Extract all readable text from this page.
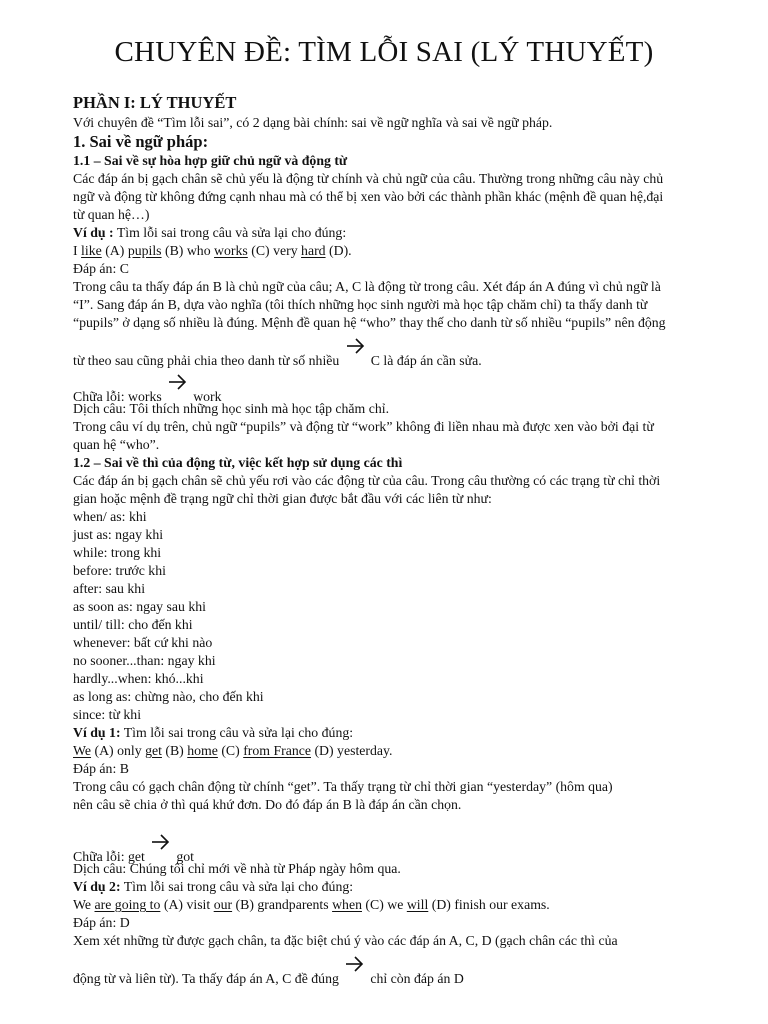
CHUYÊN ĐỀ: TÌM LỖI SAI (LÝ THUYẾT)
PHẦN I: LÝ THUYẾT
Với chuyên đề “Tìm lỗi sai”, có 2 dạng bài chính: sai về ngữ nghĩa và sai về ngữ pháp.
1. Sai về ngữ pháp:
1.1 – Sai về sự hòa hợp giữ chủ ngữ và động từ
Các đáp án bị gạch chân sẽ chủ yếu là động từ chính và chủ ngữ của câu. Thường trong những câu này chủ
ngữ và động từ không đứng cạnh nhau mà có thể bị xen vào bởi các thành phần khác (mệnh đề quan hệ,đại
từ quan hệ…)
Ví dụ : Tìm lỗi sai trong câu và sửa lại cho đúng:
I like (A) pupils (B) who works (C) very hard (D).
Đáp án: C
Trong câu ta thấy đáp án B là chủ ngữ của câu; A, C là động từ trong câu. Xét đáp án A đúng vì chủ ngữ là
“I”. Sang đáp án B, dựa vào nghĩa (tôi thích những học sinh người mà học tập chăm chỉ) ta thấy danh từ
“pupils” ở dạng số nhiều là đúng. Mệnh đề quan hệ “who” thay thế cho danh từ số nhiều “pupils” nên động
từ theo sau cũng phải chia theo danh từ số nhiều C là đáp án cần sửa.
Chữa lỗi: works work
Dịch câu: Tôi thích những học sinh mà học tập chăm chỉ.
Trong câu ví dụ trên, chủ ngữ “pupils” và động từ “work” không đi liền nhau mà được xen vào bởi đại từ
quan hệ “who”.
1.2 – Sai về thì của động từ, việc kết hợp sử dụng các thì
Các đáp án bị gạch chân sẽ chủ yếu rơi vào các động từ của câu. Trong câu thường có các trạng từ chỉ thời
gian hoặc mệnh đề trạng ngữ chỉ thời gian được bắt đầu với các liên từ như:
when/ as: khi
just as: ngay khi
while: trong khi
before: trước khi
after: sau khi
as soon as: ngay sau khi
until/ till: cho đến khi
whenever: bất cứ khi nào
no sooner...than: ngay khi
hardly...when: khó...khi
as long as: chừng nào, cho đến khi
since: từ khi
Ví dụ 1: Tìm lỗi sai trong câu và sửa lại cho đúng:
We (A) only get (B) home (C) from France (D) yesterday.
Đáp án: B
Trong câu có gạch chân động từ chính “get”. Ta thấy trạng từ chỉ thời gian “yesterday” (hôm qua)
nên câu sẽ chia ở thì quá khứ đơn. Do đó đáp án B là đáp án cần chọn.
Chữa lỗi: get got
Dịch câu: Chúng tôi chỉ mới về nhà từ Pháp ngày hôm qua.
Ví dụ 2: Tìm lỗi sai trong câu và sửa lại cho đúng:
We are going to (A) visit our (B) grandparents when (C) we will (D) finish our exams.
Đáp án: D
Xem xét những từ được gạch chân, ta đặc biệt chú ý vào các đáp án A, C, D (gạch chân các thì của
động từ và liên từ). Ta thấy đáp án A, C đề đúng chỉ còn đáp án D
